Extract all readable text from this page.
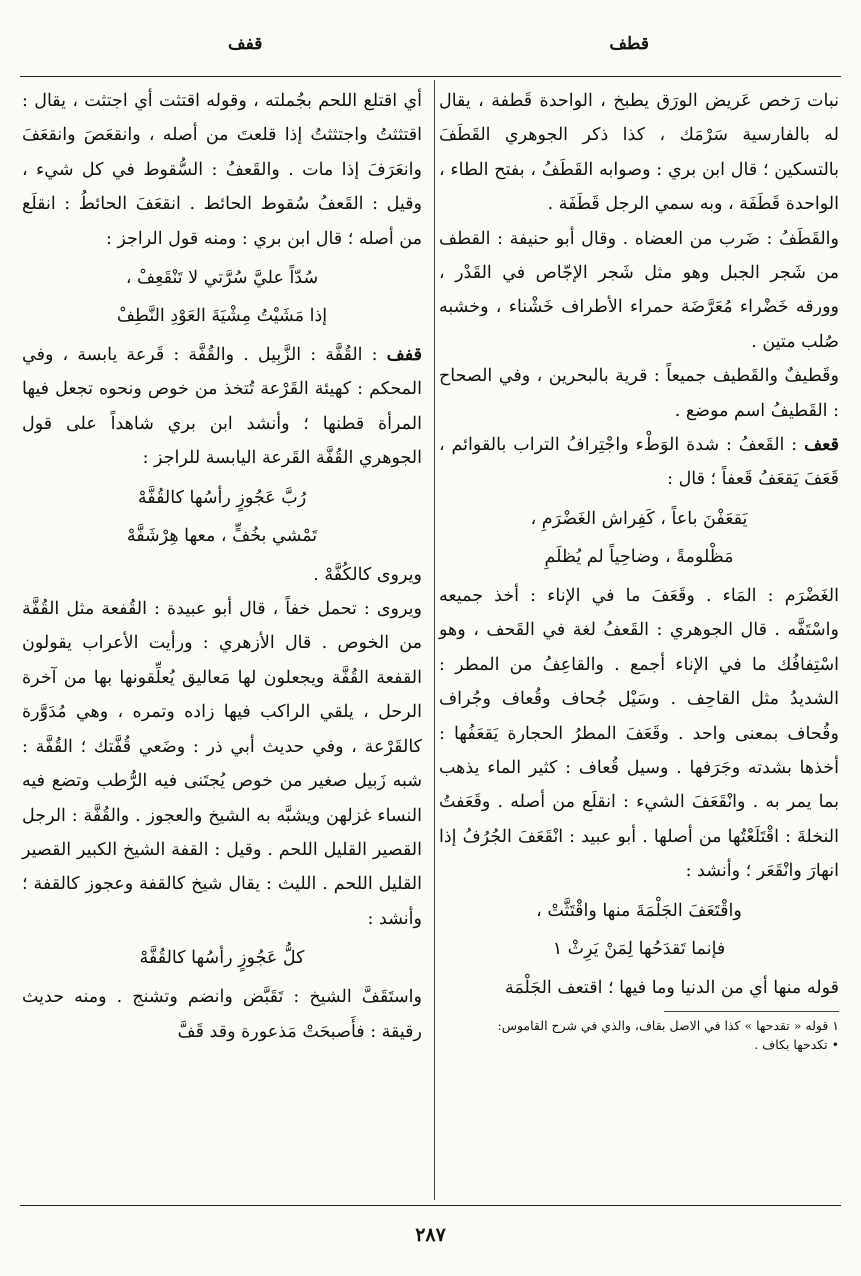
قطف
قفف

نبات رَخص عَريض الورَق يطبخ ، الواحدة قَطفة ، يقال له بالفارسية سَرْمَك ، كذا ذكر الجوهري القَطَفَ بالتسكين ؛ قال ابن بري : وصوابه القَطَفُ ، بفتح الطاء ، الواحدة قَطَفَة ، وبه سمي الرجل قَطَفَة .

والقَطَفُ : ضَرب من العضاه . وقال أبو حنيفة : القطف من شَجر الجبل وهو مثل شَجر الإجّاص في القَدْر ، وورقه خَضْراء مُعَرَّضَة حمراء الأطراف خَشْناء ، وخشبه صُلب متين .

وقَطيفٌ والقَطيف جميعاً : قرية بالبحرين ، وفي الصحاح : القَطيفُ اسم موضع .

قعف : القَعفُ : شدة الوَطْء واجْتِرافُ التراب بالقوائم ، قَعَفَ يَقعَفُ قَعفاً ؛ قال :

يَقعَفْنَ باعاً ، كَفِراش الغَضْرَمِ ،

مَظْلومةً ، وضاحِياً لم يُظلَمِ

الغَضْرَم : المَاء . وقَعَفَ ما في الإناء : أخذ جميعه واسْتَفَّه . قال الجوهري : القَعفُ لغة في القَحف ، وهو اسْتِفافُك ما في الإناء أجمع . والقاعِفُ من المطر : الشديدُ مثل القاحِف . وسَيْل جُحاف وقُعاف وجُراف وقُحاف بمعنى واحد . وقَعَفَ المطرُ الحجارة يَقعَفُها : أخذها بشدته وجَرَفها . وسيل قُعاف : كثير الماء يذهب بما يمر به . وانْقَعَفَ الشيء : انقلَع من أصله . وقَعَفتُ النخلةَ : اقْتَلَعْتُها من أصلها . أبو عبيد : انْقَعَفَ الجُرُفُ إذا انهارَ وانْقَعَر ؛ وأنشد :

واقْتَعَفَ الجَلْمَةَ منها واقْتَثَّتْ ،

فإنما تَقدَحُها لِمَنْ يَرِثْ ١

قوله منها أي من الدنيا وما فيها ؛ اقتعف الجَلْمَة

١ قوله « تقدحها » كذا في الاصل بقاف، والذي في شرح القاموس:

• تكدحها بكاف .

أي اقتلع اللحم بجُملته ، وقوله اقتثت أي اجتثت ، يقال : اقتثثتُ واجتثثتُ إذا قلعتَ من أصله ، وانقعَصَ وانقعَفَ وانعَرَفَ إذا مات . والقَعفُ : السُّقوط في كل شيء ، وقيل : القَعفُ سُقوط الحائط . انقعَفَ الحائطُ : انقلَع من أصله ؛ قال ابن بري : ومنه قول الراجز :

سُدّاً عليَّ سُرَّتي لا تَنْقَعِفْ ،

إذا مَشَيْتُ مِشْيَةَ العَوْدِ النَّطِفْ

قفف : القُفَّة : الزَّبِيل . والقُفَّة : قَرعة يابسة ، وفي المحكم : كهيئة القَرْعة تُتخذ من خوص ونحوه تجعل فيها المرأة قطنها ؛ وأنشد ابن بري شاهداً على قول الجوهري القُفَّة القَرعة اليابسة للراجز :

رُبَّ عَجُوزٍ رأسُها كالقُفَّهْ

تَمْشي بخُفٍّ ، معها هِرْشَفَّهْ

ويروى كالكُفَّهْ .

ويروى : تحمل خفاً ، قال أبو عبيدة : القُفعة مثل القُفَّة من الخوص . قال الأزهري : ورأيت الأعراب يقولون القفعة القُفَّة ويجعلون لها مَعاليق يُعلِّقونها بها من آخرة الرحل ، يلقي الراكب فيها زاده وتمره ، وهي مُدَوَّرة كالقَرْعة ، وفي حديث أبي ذر : وضَعي قُفَّتك ؛ القُفَّة : شبه زَبيل صغير من خوص يُجتَنى فيه الرُّطب وتضع فيه النساء غزلهن ويشبَّه به الشيخ والعجوز . والقُفَّة : الرجل القصير القليل اللحم . وقيل : القفة الشيخ الكبير القصير القليل اللحم . الليث : يقال شيخ كالقفة وعجوز كالقفة ؛ وأنشد :

كلُّ عَجُوزٍ رأسُها كالقُفَّهْ

واستَقَفَّ الشيخ : تَقَبَّض وانضم وتشنج . ومنه حديث رقيقة : فأَصبحَتْ مَذعورة وقد قَفَّ

٢٨٧
